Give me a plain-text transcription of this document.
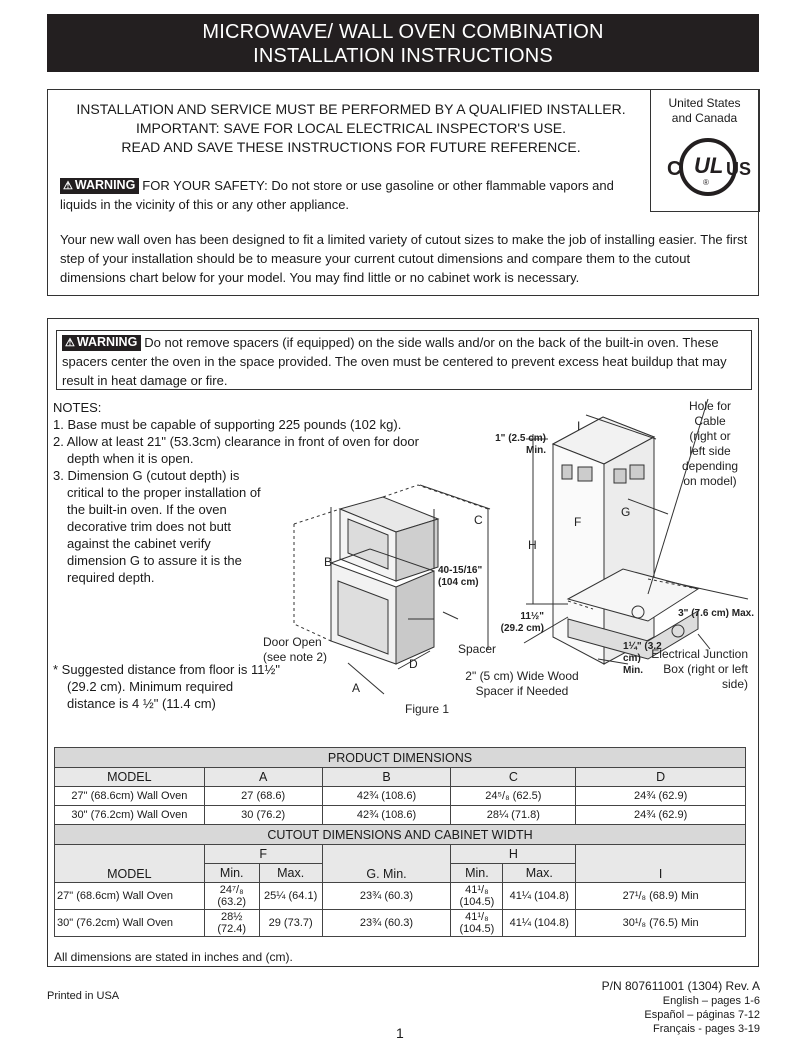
MICROWAVE/ WALL OVEN COMBINATION
INSTALLATION INSTRUCTIONS
INSTALLATION AND SERVICE MUST BE PERFORMED BY A QUALIFIED INSTALLER.
IMPORTANT: SAVE FOR LOCAL ELECTRICAL INSPECTOR'S USE.
READ AND SAVE THESE INSTRUCTIONS FOR FUTURE REFERENCE.
⚠ WARNING FOR YOUR SAFETY: Do not store or use gasoline or other flammable vapors and liquids in the vicinity of this or any other appliance.
Your new wall oven has been designed to fit a limited variety of cutout sizes to make the job of installing easier. The first step of your installation should be to measure your current cutout dimensions and compare them to the cutout dimensions chart below for your model. You may find little or no cabinet work is necessary.
United States
and Canada
C UL
®
US
⚠ WARNING Do not remove spacers (if equipped) on the side walls and/or on the back of the built-in oven. These spacers center the oven in the space provided. The oven must be centered to prevent excess heat buildup that may result in heat damage or fire.
NOTES:
1. Base must be capable of supporting 225 pounds (102 kg).
2. Allow at least 21" (53.3cm) clearance in front of oven for door depth when it is open.
3. Dimension G (cutout depth) is critical to the proper installation of the built-in oven. If the oven decorative trim does not butt against the cabinet verify dimension G to assure it is the required depth.
* Suggested distance from floor is 11½" (29.2 cm). Minimum required distance is 4 ½" (11.4 cm)
B
C
D
A
40-15/16" (104 cm)
Door Open (see note 2)
Spacer
2" (5 cm) Wide Wood Spacer if Needed
Figure 1
1" (2.5 cm) Min.
I
F
G
H
11½" (29.2 cm)
1¼" (3.2 cm) Min.
3" (7.6 cm) Max.
Hole for Cable (right or left side depending on model)
Electrical Junction Box (right or left side)
PRODUCT DIMENSIONS						
MODEL	A		B	C		D
27" (68.6cm) Wall Oven	27 (68.6)		42¾ (108.6)	24⁵/₈ (62.5)		24¾ (62.9)
30" (76.2cm) Wall Oven	30 (76.2)		42¾ (108.6)	28¼ (71.8)		24¾ (62.9)
CUTOUT DIMENSIONS AND CABINET WIDTH						
MODEL	F		G. Min.	H		I
	Min.	Max.		Min.	Max.	
27" (68.6cm) Wall Oven	24⁷/₈ (63.2)	25¼ (64.1)	23¾ (60.3)	41¹/₈ (104.5)	41¼ (104.8)	27¹/₈ (68.9) Min
30" (76.2cm) Wall Oven	28½ (72.4)	29 (73.7)	23¾ (60.3)	41¹/₈ (104.5)	41¼ (104.8)	30¹/₈ (76.5) Min
All dimensions are stated in inches and (cm).
Printed in USA
P/N 807611001 (1304) Rev. A
English – pages 1-6
Español – páginas 7-12
Français - pages 3-19
1
